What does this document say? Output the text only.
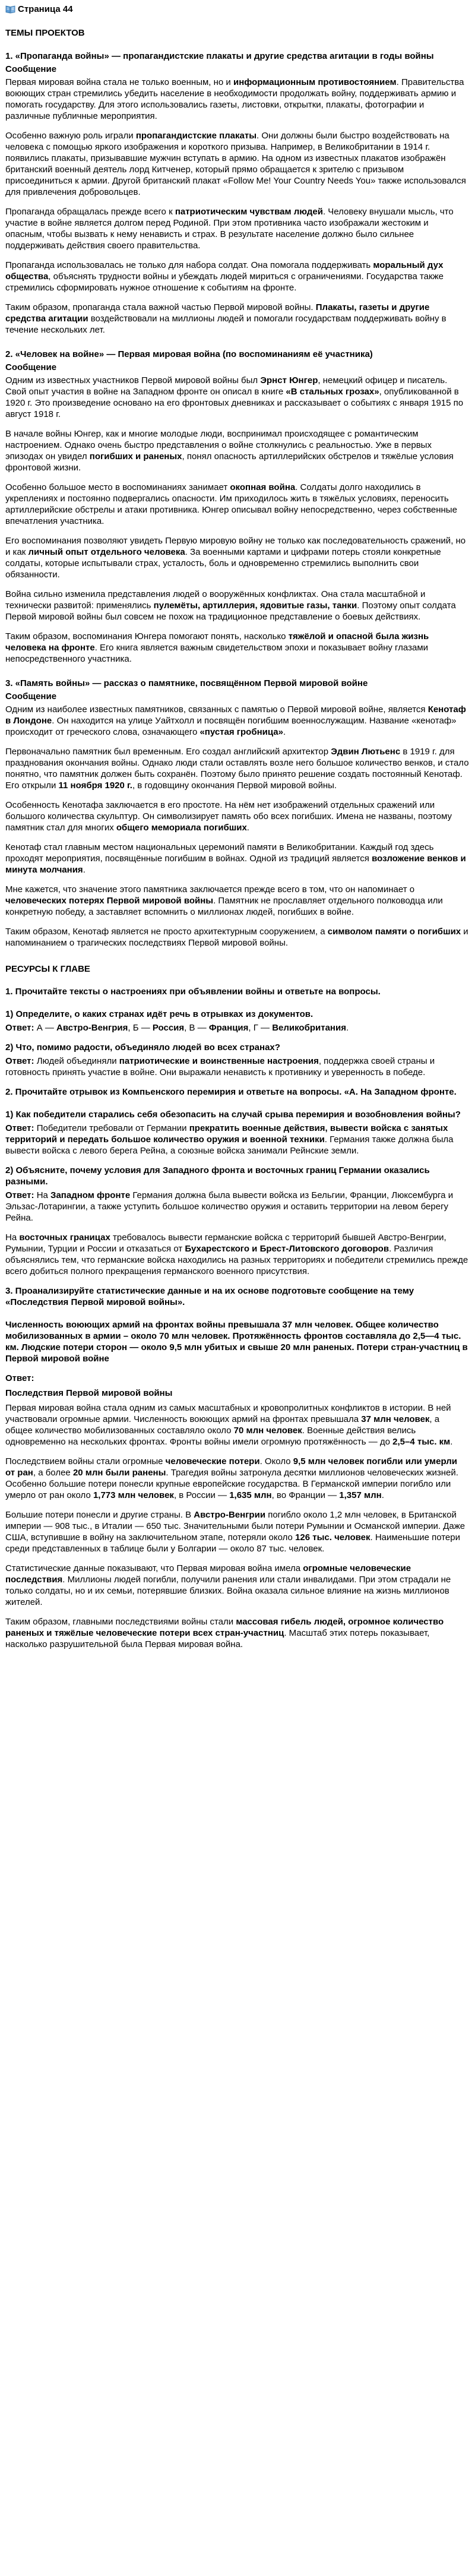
Страница 44
ТЕМЫ ПРОЕКТОВ
1. «Пропаганда войны» — пропагандистские плакаты и другие средства агитации в годы войны
Сообщение

Первая мировая война стала не только военным, но и информационным противостоянием. Правительства воюющих стран стремились убедить население в необходимости продолжать войну, поддерживать армию и помогать государству. Для этого использовались газеты, листовки, открытки, плакаты, фотографии и различные публичные мероприятия.

Особенно важную роль играли пропагандистские плакаты. Они должны были быстро воздействовать на человека с помощью яркого изображения и короткого призыва. Например, в Великобритании в 1914 г. появились плакаты, призывавшие мужчин вступать в армию. На одном из известных плакатов изображён британский военный деятель лорд Китченер, который прямо обращается к зрителю с призывом присоединиться к армии. Другой британский плакат «Follow Me! Your Country Needs You» также использовался для привлечения добровольцев.

Пропаганда обращалась прежде всего к патриотическим чувствам людей. Человеку внушали мысль, что участие в войне является долгом перед Родиной. При этом противника часто изображали жестоким и опасным, чтобы вызвать к нему ненависть и страх. В результате население должно было сильнее поддерживать действия своего правительства.

Пропаганда использовалась не только для набора солдат. Она помогала поддерживать моральный дух общества, объяснять трудности войны и убеждать людей мириться с ограничениями. Государства также стремились сформировать нужное отношение к событиям на фронте.

Таким образом, пропаганда стала важной частью Первой мировой войны. Плакаты, газеты и другие средства агитации воздействовали на миллионы людей и помогали государствам поддерживать войну в течение нескольких лет.

2. «Человек на войне» — Первая мировая война (по воспоминаниям её участника)
Сообщение

Одним из известных участников Первой мировой войны был Эрнст Юнгер, немецкий офицер и писатель. Свой опыт участия в войне на Западном фронте он описал в книге «В стальных грозах», опубликованной в 1920 г. Это произведение основано на его фронтовых дневниках и рассказывает о событиях с января 1915 по август 1918 г.

В начале войны Юнгер, как и многие молодые люди, воспринимал происходящее с романтическим настроением. Однако очень быстро представления о войне столкнулись с реальностью. Уже в первых эпизодах он увидел погибших и раненых, понял опасность артиллерийских обстрелов и тяжёлые условия фронтовой жизни.

Особенно большое место в воспоминаниях занимает окопная война. Солдаты долго находились в укреплениях и постоянно подвергались опасности. Им приходилось жить в тяжёлых условиях, переносить артиллерийские обстрелы и атаки противника. Юнгер описывал войну непосредственно, через собственные впечатления участника.

Его воспоминания позволяют увидеть Первую мировую войну не только как последовательность сражений, но и как личный опыт отдельного человека. За военными картами и цифрами потерь стояли конкретные солдаты, которые испытывали страх, усталость, боль и одновременно стремились выполнить свои обязанности.

Война сильно изменила представления людей о вооружённых конфликтах. Она стала масштабной и технически развитой: применялись пулемёты, артиллерия, ядовитые газы, танки. Поэтому опыт солдата Первой мировой войны был совсем не похож на традиционное представление о боевых действиях.

Таким образом, воспоминания Юнгера помогают понять, насколько тяжёлой и опасной была жизнь человека на фронте. Его книга является важным свидетельством эпохи и показывает войну глазами непосредственного участника.

3. «Память войны» — рассказ о памятнике, посвящённом Первой мировой войне
Сообщение

Одним из наиболее известных памятников, связанных с памятью о Первой мировой войне, является Кенотаф в Лондоне. Он находится на улице Уайтхолл и посвящён погибшим военнослужащим. Название «кенотаф» происходит от греческого слова, означающего «пустая гробница».

Первоначально памятник был временным. Его создал английский архитектор Эдвин Лютьенс в 1919 г. для празднования окончания войны. Однако люди стали оставлять возле него большое количество венков, и стало понятно, что памятник должен быть сохранён. Поэтому было принято решение создать постоянный Кенотаф. Его открыли 11 ноября 1920 г., в годовщину окончания Первой мировой войны.

Особенность Кенотафа заключается в его простоте. На нём нет изображений отдельных сражений или большого количества скульптур. Он символизирует память обо всех погибших. Имена не названы, поэтому памятник стал для многих общего мемориала погибших.

Кенотаф стал главным местом национальных церемоний памяти в Великобритании. Каждый год здесь проходят мероприятия, посвящённые погибшим в войнах. Одной из традиций является возложение венков и минута молчания.

Мне кажется, что значение этого памятника заключается прежде всего в том, что он напоминает о человеческих потерях Первой мировой войны. Памятник не прославляет отдельного полководца или конкретную победу, а заставляет вспомнить о миллионах людей, погибших в войне.

Таким образом, Кенотаф является не просто архитектурным сооружением, а символом памяти о погибших и напоминанием о трагических последствиях Первой мировой войны.

РЕСУРСЫ К ГЛАВЕ
1. Прочитайте тексты о настроениях при объявлении войны и ответьте на вопросы.
1) Определите, о каких странах идёт речь в отрывках из документов.

Ответ: А — Австро-Венгрия, Б — Россия, В — Франция, Г — Великобритания.

2) Что, помимо радости, объединяло людей во всех странах?

Ответ: Людей объединяли патриотические и воинственные настроения, поддержка своей страны и готовность принять участие в войне. Они выражали ненависть к противнику и уверенность в победе.

2. Прочитайте отрывок из Компьенского перемирия и ответьте на вопросы. «А. На Западном фронте.
1) Как победители старались себя обезопасить на случай срыва перемирия и возобновления войны?

Ответ: Победители требовали от Германии прекратить военные действия, вывести войска с занятых территорий и передать большое количество оружия и военной техники. Германия также должна была вывести войска с левого берега Рейна, а союзные войска занимали Рейнские земли.

2) Объясните, почему условия для Западного фронта и восточных границ Германии оказались разными.

Ответ: На Западном фронте Германия должна была вывести войска из Бельгии, Франции, Люксембурга и Эльзас-Лотарингии, а также уступить большое количество оружия и оставить территории на левом берегу Рейна.

На восточных границах требовалось вывести германские войска с территорий бывшей Австро-Венгрии, Румынии, Турции и России и отказаться от Бухарестского и Брест-Литовского договоров. Различия объяснялись тем, что германские войска находились на разных территориях и победители стремились прежде всего добиться полного прекращения германского военного присутствия.

3. Проанализируйте статистические данные и на их основе подготовьте сообщение на тему «Последствия Первой мировой войны».

Численность воюющих армий на фронтах войны превышала 37 млн человек. Общее количество мобилизованных в армии – около 70 млн человек. Протяжённость фронтов составляла до 2,5—4 тыс. км. Людские потери сторон — около 9,5 млн убитых и свыше 20 млн раненых. Потери стран-участниц в Первой мировой войне

Ответ:
Последствия Первой мировой войны

Первая мировая война стала одним из самых масштабных и кровопролитных конфликтов в истории. В ней участвовали огромные армии. Численность воюющих армий на фронтах превышала 37 млн человек, а общее количество мобилизованных составляло около 70 млн человек. Военные действия велись одновременно на нескольких фронтах. Фронты войны имели огромную протяжённость — до 2,5–4 тыс. км.

Последствием войны стали огромные человеческие потери. Около 9,5 млн человек погибли или умерли от ран, а более 20 млн были ранены. Трагедия войны затронула десятки миллионов человеческих жизней. Особенно большие потери понесли крупные европейские государства. В Германской империи погибло или умерло от ран около 1,773 млн человек, в России — 1,635 млн, во Франции — 1,357 млн.

Большие потери понесли и другие страны. В Австро-Венгрии погибло около 1,2 млн человек, в Британской империи — 908 тыс., в Италии — 650 тыс. Значительными были потери Румынии и Османской империи. Даже США, вступившие в войну на заключительном этапе, потеряли около 126 тыс. человек. Наименьшие потери среди представленных в таблице были у Болгарии — около 87 тыс. человек.

Статистические данные показывают, что Первая мировая война имела огромные человеческие последствия. Миллионы людей погибли, получили ранения или стали инвалидами. При этом страдали не только солдаты, но и их семьи, потерявшие близких. Война оказала сильное влияние на жизнь миллионов жителей.

Таким образом, главными последствиями войны стали массовая гибель людей, огромное количество раненых и тяжёлые человеческие потери всех стран-участниц. Масштаб этих потерь показывает, насколько разрушительной была Первая мировая война.
